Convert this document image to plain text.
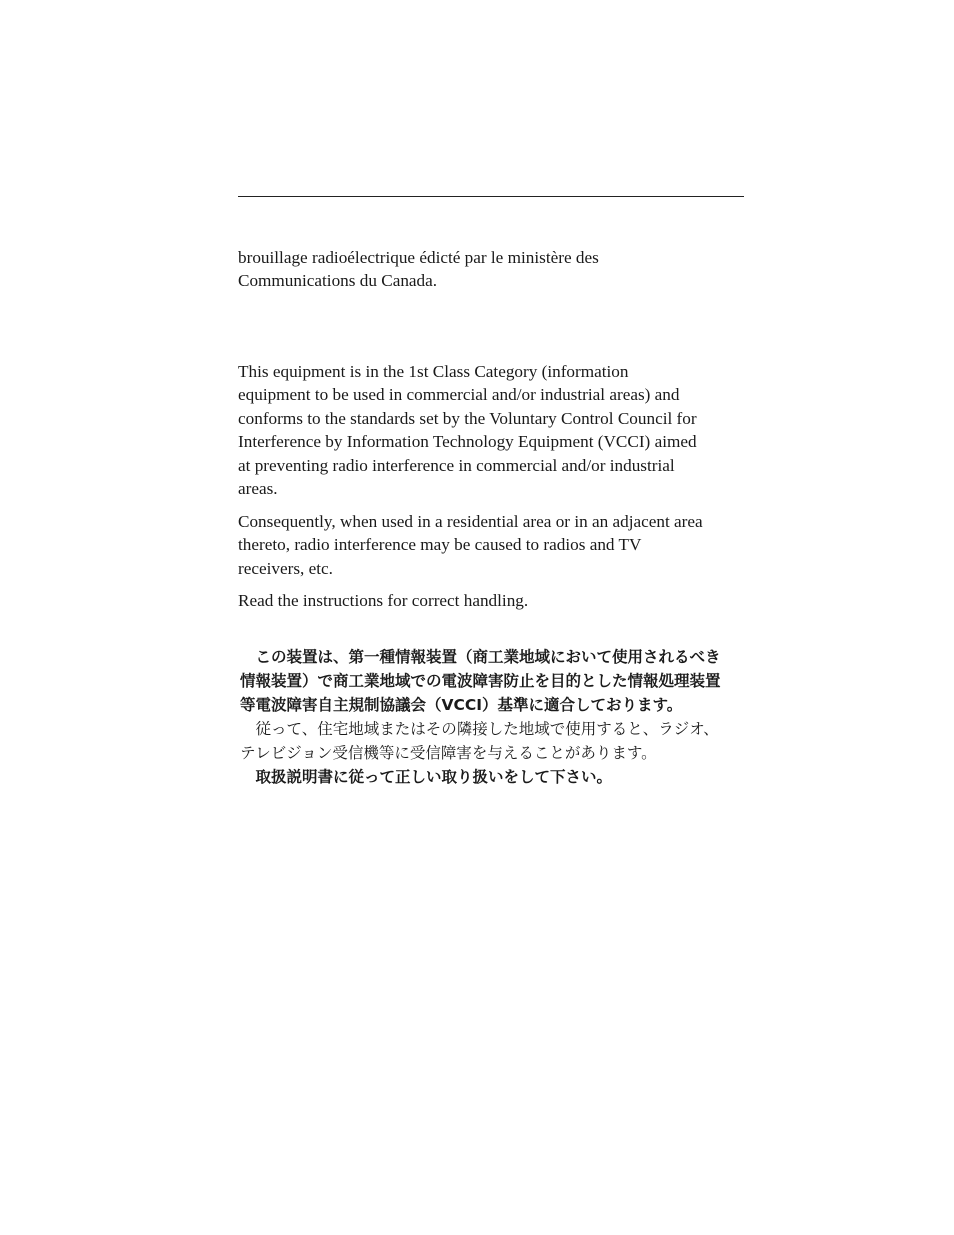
brouillage radioélectrique édicté par le ministère des
Communications du Canada.

This equipment is in the 1st Class Category (information
equipment to be used in commercial and/or industrial areas) and
conforms to the standards set by the Voluntary Control Council for
Interference by Information Technology Equipment (VCCI) aimed
at preventing radio interference in commercial and/or industrial
areas.

Consequently, when used in a residential area or in an adjacent area
thereto, radio interference may be caused to radios and TV
receivers, etc.

Read the instructions for correct handling.

　この装置は、第一種情報装置（商工業地域において使用されるべき
情報装置）で商工業地域での電波障害防止を目的とした情報処理装置
等電波障害自主規制協議会（VCCI）基準に適合しております。
　従って、住宅地域またはその隣接した地域で使用すると、ラジオ、
テレビジョン受信機等に受信障害を与えることがあります。
　取扱説明書に従って正しい取り扱いをして下さい。
